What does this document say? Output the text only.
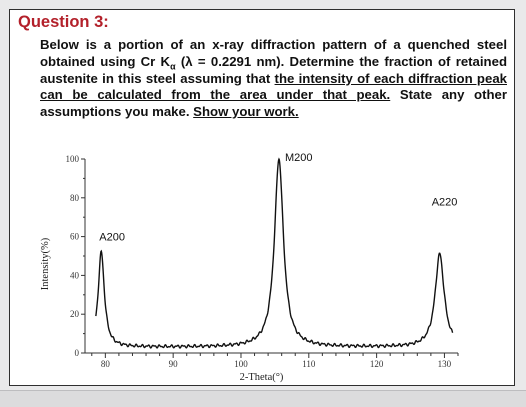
Question 3:

Below is a portion of an x-ray diffraction pattern of a quenched steel obtained using Cr $K_\alpha$ (λ = 0.2291 nm). Determine the fraction of retained austenite in this steel assuming that the intensity of each diffraction peak can be calculated from the area under that peak. State any other assumptions you make. Show your work.

0
20
40
60
80
100
80	90	100	110	120	130
2-Theta(°)
Intensity(%)
A200
M200
A220
